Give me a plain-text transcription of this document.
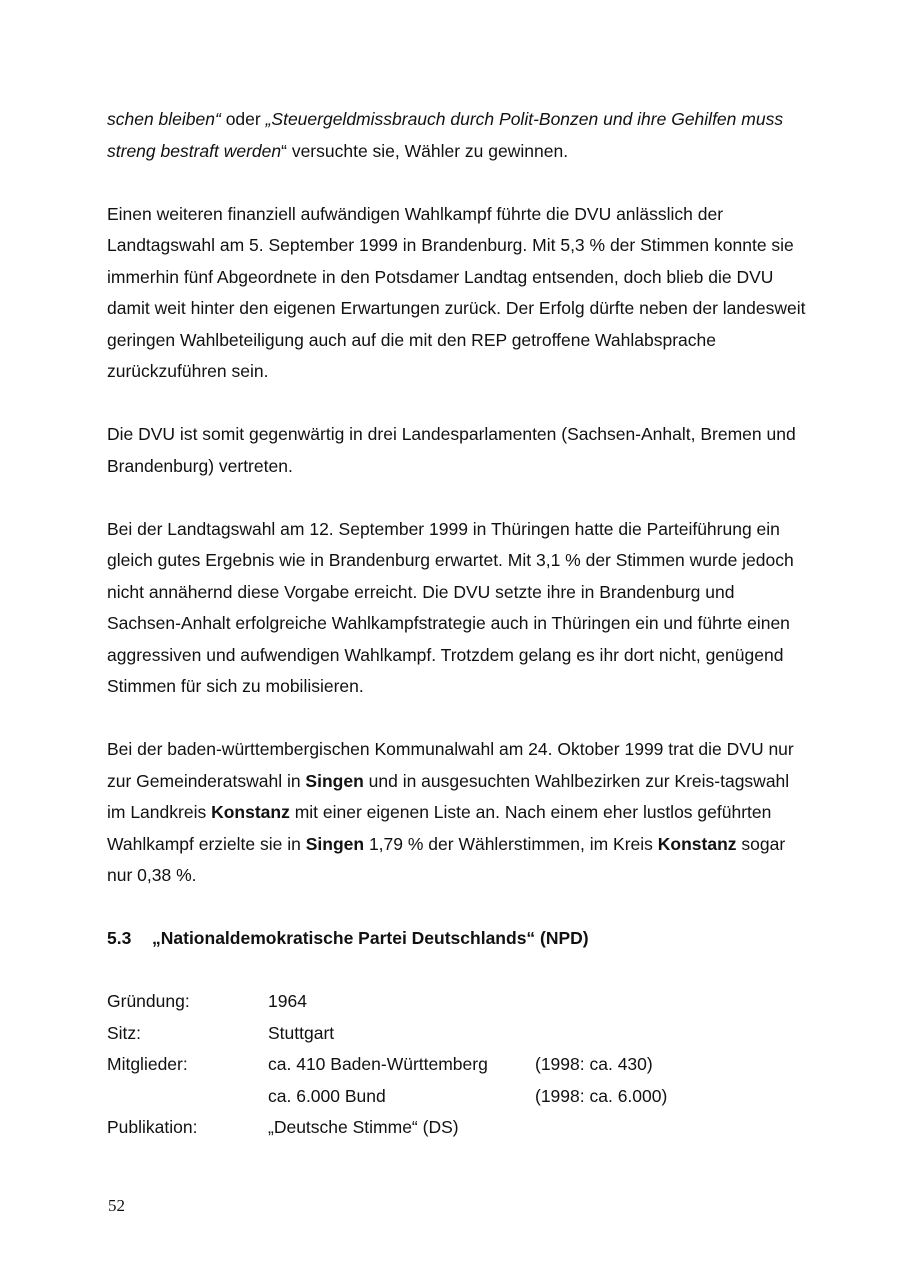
schen bleiben“ oder „Steuergeldmissbrauch durch Polit-Bonzen und ihre Gehilfen muss streng bestraft werden“ versuchte sie, Wähler zu gewinnen.

Einen weiteren finanziell aufwändigen Wahlkampf führte die DVU anlässlich der Landtagswahl am 5. September 1999 in Brandenburg. Mit 5,3 % der Stimmen konnte sie immerhin fünf Abgeordnete in den Potsdamer Landtag entsenden, doch blieb die DVU damit weit hinter den eigenen Erwartungen zurück. Der Erfolg dürfte neben der landesweit geringen Wahlbeteiligung auch auf die mit den REP getroffene Wahlabsprache zurückzuführen sein.

Die DVU ist somit gegenwärtig in drei Landesparlamenten (Sachsen-Anhalt, Bremen und Brandenburg) vertreten.

Bei der Landtagswahl am 12. September 1999 in Thüringen hatte die Parteiführung ein gleich gutes Ergebnis wie in Brandenburg erwartet. Mit 3,1 % der Stimmen wurde jedoch nicht annähernd diese Vorgabe erreicht. Die DVU setzte ihre in Brandenburg und Sachsen-Anhalt erfolgreiche Wahlkampfstrategie auch in Thüringen ein und führte einen aggressiven und aufwendigen Wahlkampf. Trotzdem gelang es ihr dort nicht, genügend Stimmen für sich zu mobilisieren.

Bei der baden-württembergischen Kommunalwahl am 24. Oktober 1999 trat die DVU nur zur Gemeinderatswahl in Singen und in ausgesuchten Wahlbezirken zur Kreis-tagswahl im Landkreis Konstanz mit einer eigenen Liste an. Nach einem eher lustlos geführten Wahlkampf erzielte sie in Singen 1,79 % der Wählerstimmen, im Kreis Konstanz sogar nur 0,38 %.

5.3	„Nationaldemokratische Partei Deutschlands“ (NPD)
Gründung:	1964	
Sitz:	Stuttgart	
Mitglieder:	ca. 410 Baden-Württemberg	(1998: ca. 430)
	ca. 6.000 Bund	(1998: ca. 6.000)
Publikation:	„Deutsche Stimme“ (DS)	
52
